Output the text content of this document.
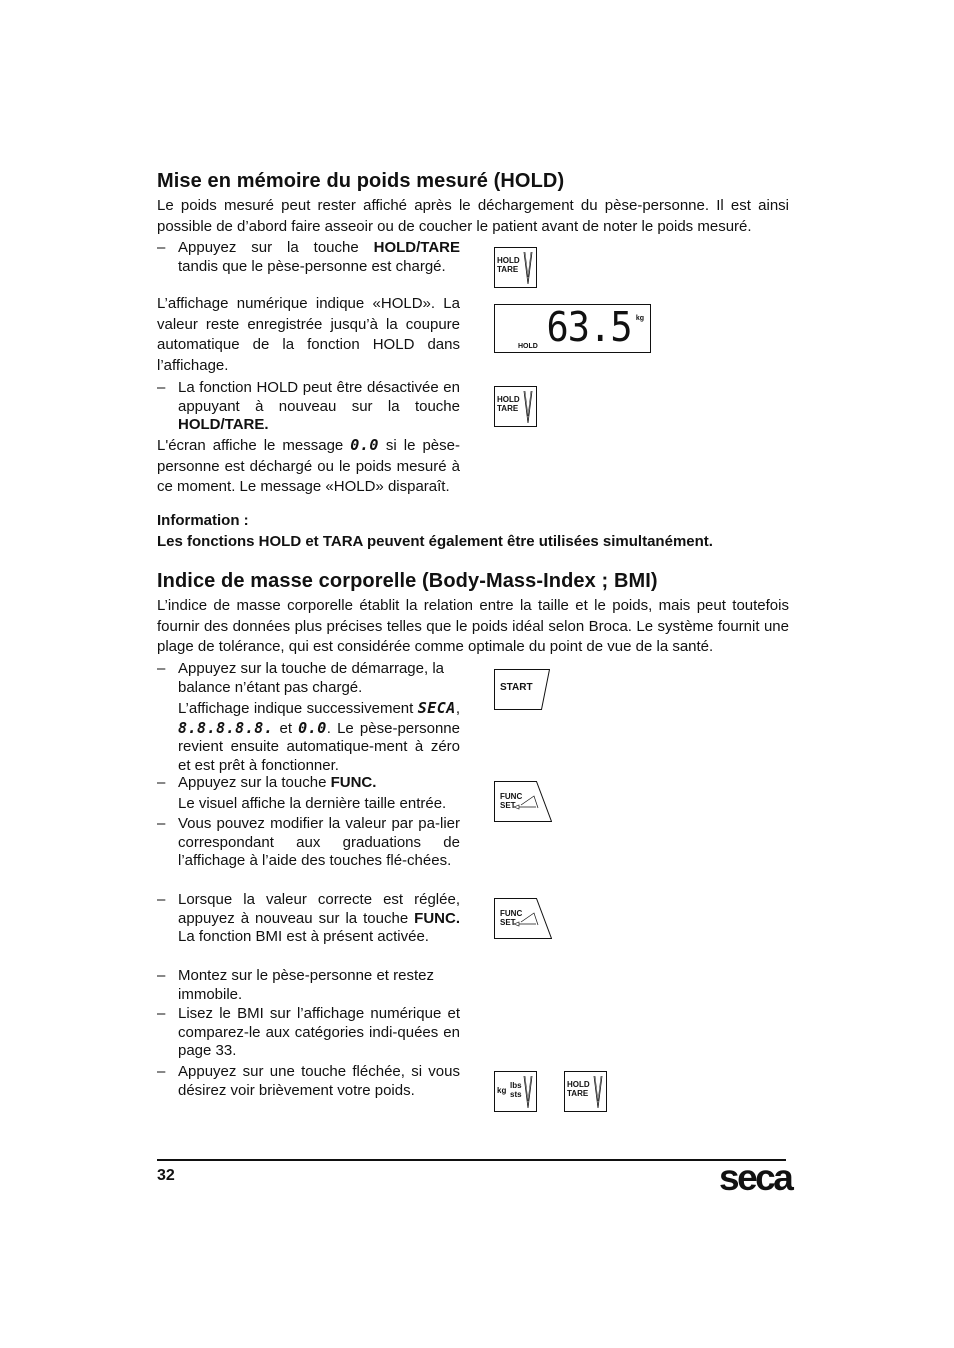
Mise en mémoire du poids mesuré (HOLD)
Le poids mesuré peut rester affiché après le déchargement du pèse-personne. Il est ainsi possible de d’abord faire asseoir ou de coucher le patient avant de noter le poids mesuré.
– Appuyez sur la touche HOLD/TARE tandis que le pèse-personne est chargé.
L’affichage numérique indique «HOLD». La valeur reste enregistrée jusqu’à la coupure automatique de la fonction HOLD dans l’affichage.
– La fonction HOLD peut être désactivée en appuyant à nouveau sur la touche HOLD/TARE.
L'écran affiche le message 0.0 si le pèse-personne est déchargé ou le poids mesuré à ce moment. Le message «HOLD» disparaît.
Information :
Les fonctions HOLD et TARA peuvent également être utilisées simultanément.
Indice de masse corporelle (Body-Mass-Index ; BMI)
L’indice de masse corporelle établit la relation entre la taille et le poids, mais peut toutefois fournir des données plus précises telles que le poids idéal selon Broca. Le système fournit une plage de tolérance, qui est considérée comme optimale du point de vue de la santé.
– Appuyez sur la touche de démarrage, la balance n’étant pas chargé.
L’affichage indique successivement SECA, 8.8.8.8.8. et 0.0. Le pèse-personne revient ensuite automatique-ment à zéro et est prêt à fonctionner.
– Appuyez sur la touche FUNC.
Le visuel affiche la dernière taille entrée.
– Vous pouvez modifier la valeur par pa-lier correspondant aux graduations de l’affichage à l’aide des touches flé-chées.
– Lorsque la valeur correcte est réglée, appuyez à nouveau sur la touche FUNC. La fonction BMI est à présent activée.
– Montez sur le pèse-personne et restez immobile.
– Lisez le BMI sur l’affichage numérique et comparez-le aux catégories indi-quées en page 33.
– Appuyez sur une touche fléchée, si vous désirez voir brièvement votre poids.
HOLD
TARE
63.5 kg
HOLD
HOLD
TARE
START
FUNC
SET
FUNC
SET
kg
lbs
sts
HOLD
TARE
32	seca
